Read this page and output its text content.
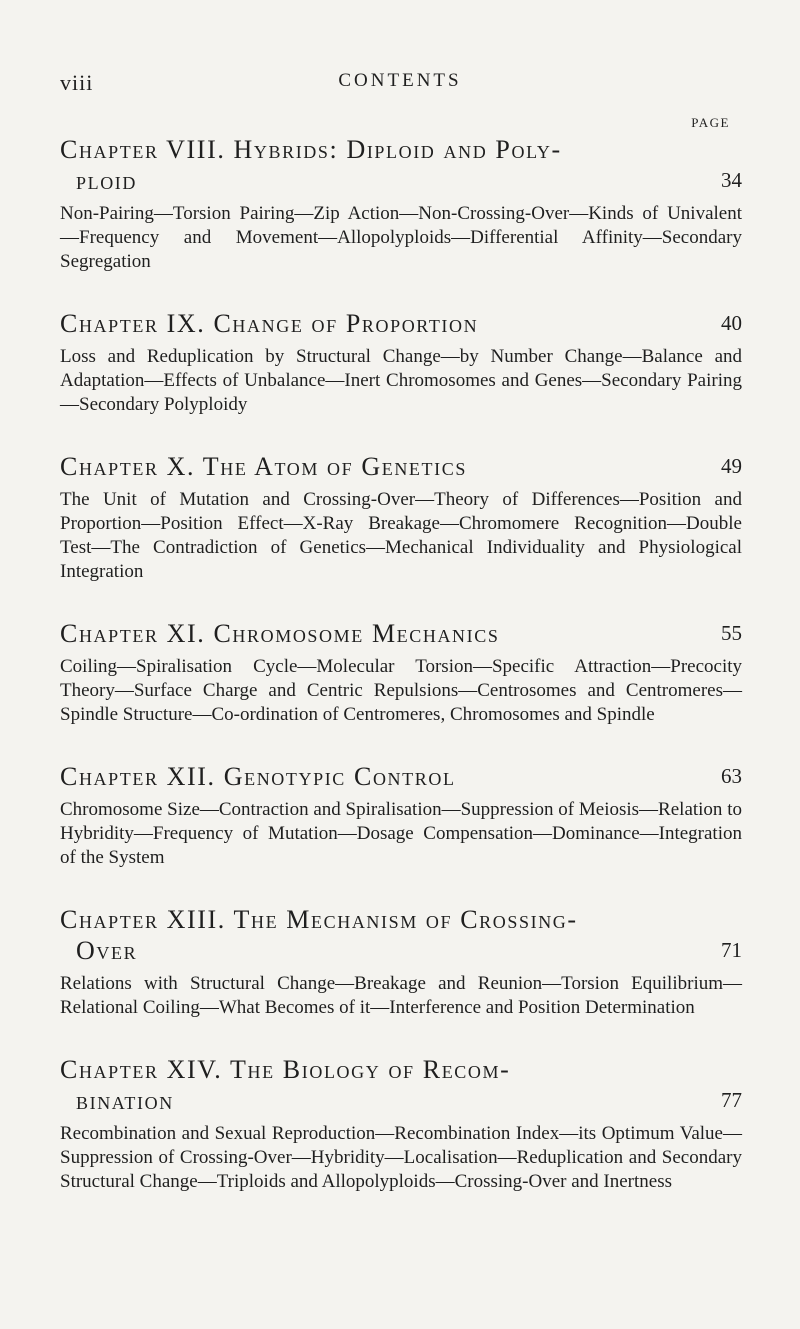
viii	CONTENTS
PAGE
Chapter VIII. Hybrids: Diploid and Poly-
ploid	34
Non-Pairing—Torsion Pairing—Zip Action—Non-Crossing-Over—Kinds of Univalent—Frequency and Movement—Allopolyploids—Differential Affinity—Secondary Segregation
Chapter IX. Change of Proportion	40
Loss and Reduplication by Structural Change—by Number Change—Balance and Adaptation—Effects of Unbalance—Inert Chromosomes and Genes—Secondary Pairing—Secondary Polyploidy
Chapter X. The Atom of Genetics	49
The Unit of Mutation and Crossing-Over—Theory of Differences—Position and Proportion—Position Effect—X-Ray Breakage—Chromomere Recognition—Double Test—The Contradiction of Genetics—Mechanical Individuality and Physiological Integration
Chapter XI. Chromosome Mechanics	55
Coiling—Spiralisation Cycle—Molecular Torsion—Specific Attraction—Precocity Theory—Surface Charge and Centric Repulsions—Centrosomes and Centromeres—Spindle Structure—Co-ordination of Centromeres, Chromosomes and Spindle
Chapter XII. Genotypic Control	63
Chromosome Size—Contraction and Spiralisation—Suppression of Meiosis—Relation to Hybridity—Frequency of Mutation—Dosage Compensation—Dominance—Integration of the System
Chapter XIII. The Mechanism of Crossing-
Over	71
Relations with Structural Change—Breakage and Reunion—Torsion Equilibrium—Relational Coiling—What Becomes of it—Interference and Position Determination
Chapter XIV. The Biology of Recom-
bination	77
Recombination and Sexual Reproduction—Recombination Index—its Optimum Value—Suppression of Crossing-Over—Hybridity—Localisation—Reduplication and Secondary Structural Change—Triploids and Allopolyploids—Crossing-Over and Inertness
